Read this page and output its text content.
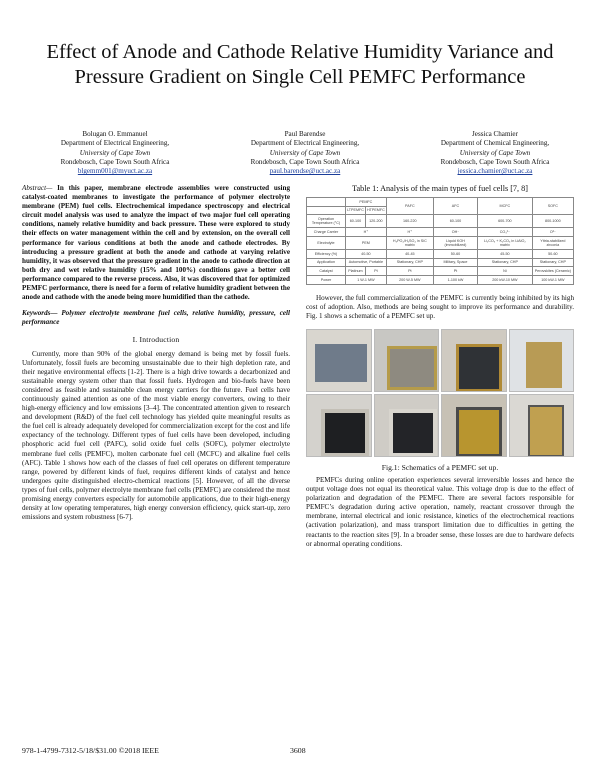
Effect of Anode and Cathode Relative Humidity Variance and Pressure Gradient on Single Cell PEMFC Performance
Bolugan O. Emmanuel
Department of Electrical Engineering,
University of Cape Town
Rondebosch, Cape Town South Africa
blgemm001@myuct.ac.za
Paul Barendse
Department of Electrical Engineering,
University of Cape Town
Rondebosch, Cape Town South Africa
paul.barendse@uct.ac.za
Jessica Chamier
Department of Chemical Engineering,
University of Cape Town
Rondebosch, Cape Town South Africa
jessica.chamier@uct.ac.za

Abstract— In this paper, membrane electrode assemblies were constructed using catalyst-coated membranes to investigate the performance of polymer electrolyte membrane (PEM) fuel cells. Electrochemical impedance spectroscopy and electrical circuit model analysis was used to analyze the impact of two major fuel cell operating conditions, namely relative humidity and back pressure. These were explored to study their effects on water management within the cell and by extension, on the overall cell performance for various conditions at both the anode and cathode electrodes. By introducing a pressure gradient at both the anode and cathode at varying relative humidity, it was observed that the pressure gradient in the anode to cathode direction at both dry and wet relative humidity (15% and 100%) conditions gave a better cell performance compared to the reverse process. Also, it was discovered that for optimized PEMFC performance, there is need for a form of relative humidity gradient between the anode and cathode with the anode being more humidified than the cathode.

Keywords— Polymer electrolyte membrane fuel cells, relative humidity, pressure, cell performance

I. Introduction

Currently, more than 90% of the global energy demand is being met by fossil fuels. Unfortunately, fossil fuels are becoming unsustainable due to their high depletion rate, and their negative environmental effects [1-2]. There is a high drive towards a decarbonized and sustainable energy system other than that fossil fuels. Hydrogen and bio-fuels have been considered as feasible and sustainable clean energy carriers for the future. Fuel cells have continuously gained attention as one of the most viable energy converters, owing to their high-energy efficiency and low emissions [3–4]. The concentrated attention given to research and development (R&D) of the fuel cell technology has yielded quite meaningful results as the fuel cell is already adequately developed for commercialization except for the cost and life expectancy of the technology. Different types of fuel cells have been developed, including phosphoric acid fuel cell (PAFC), solid oxide fuel cells (SOFC), polymer electrolyte membrane fuel cells (PEMFC), molten carbonate fuel cell (MCFC) and alkaline fuel cells (AFC). Table 1 shows how each of the classes of fuel cell operates on different temperature range, powered by different kinds of fuel, requires different kinds of catalyst and hence undergoes quite distinguished electro-chemical reactions [5]. However, of all the diverse types of fuel cells, polymer electrolyte membrane fuel cells (PEMFC) are considered the most promising energy converters especially for automobile applications, due to their high-energy density at low operating temperatures, high energy conversion efficiency, quick start-up, zero emissions and system robustness [6-7].

Table 1: Analysis of the main types of fuel cells [7, 8]
	PEMFC		PAFC	AFC	MCFC	SOFC
	LTPEMFC	HTPEMFC				
Operation Temperature (°C)	60-100	120-200	160-220	60-100	600-700	800-1000
Charge Carrier	H⁺		H⁺	OH⁻	CO₃²⁻	O²⁻
Electrolyte	PEM		H₃PO₄/H₂SO₄ in SiC matrix	Liquid KOH (immobilized)	Li₂CO₃ + K₂CO₃ in LiAlO₂ matrix	Yttria-stabilized zirconia
Efficiency (%)	40-50		40-45	50-60	45-50	50-60
Application	Automotive, Portable		Stationary, CHP	Military, Space	Stationary, CHP	Stationary, CHP
Catalyst	Platinum	Pt	Pt	Pt	Ni	Perovskites (Ceramic)
Power	1 W-1 MW		200 W-5 MW	1-100 kW	200 kW-10 MW	100 kW-1 MW

However, the full commercialization of the PEMFC is currently being inhibited by its high cost of adoption. Also, methods are being sought to improve its performance and durability. Fig. 1 shows a schematic of a PEMFC set up.

Fig.1: Schematics of a PEMFC set up.

PEMFCs during online operation experiences several irreversible losses and hence the output voltage does not equal its theoretical value. This voltage drop is due to the effect of polarization and degradation of the PEMFC. There are several factors responsible for PEMFC’s degradation during active operation, namely, reactant crossover through the membrane, internal electrical and ionic resistance, kinetics of the electrochemical reactions (activation polarization), and mass transport limitation due to difficulties in getting the reactants to the reaction sites [9]. In a broader sense, these losses are due to hardware defects or abnormal operating conditions.

978-1-4799-7312-5/18/$31.00 ©2018 IEEE	3608
